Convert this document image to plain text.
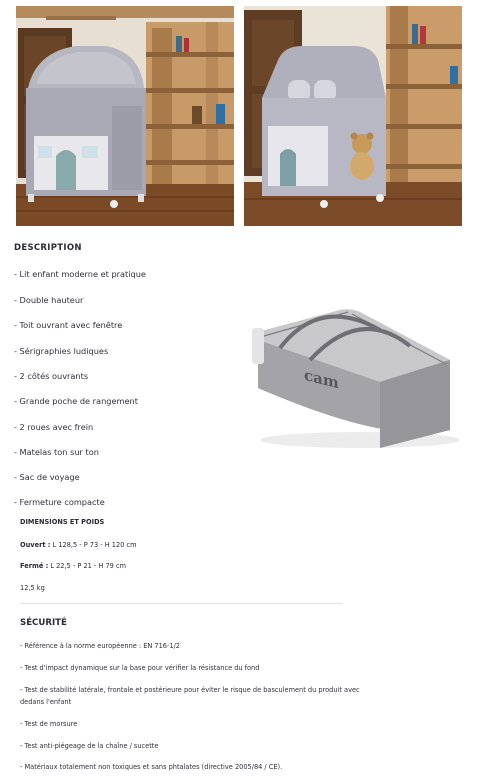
DESCRIPTION
- Lit enfant moderne et pratique
- Double hauteur
- Toit ouvrant avec fenêtre
- Sérigraphies ludiques
- 2 côtés ouvrants
- Grande poche de rangement
- 2 roues avec frein
- Matelas ton sur ton
- Sac de voyage
- Fermeture compacte
cam
DIMENSIONS ET POIDS
Ouvert : L 128,5 - P 73 - H 120 cm
Fermé : L 22,5 - P 21 - H 79 cm
12,5 kg
SÉCURITÉ
- Référence à la norme européenne : EN 716-1/2
- Test d'impact dynamique sur la base pour vérifier la résistance du fond
- Test de stabilité latérale, frontale et postérieure pour éviter le risque de basculement du produit avec dedans l'enfant
- Test de morsure
- Test anti-piégeage de la chaîne / sucette
- Matériaux totalement non toxiques et sans phtalates (directive 2005/84 / CE).
